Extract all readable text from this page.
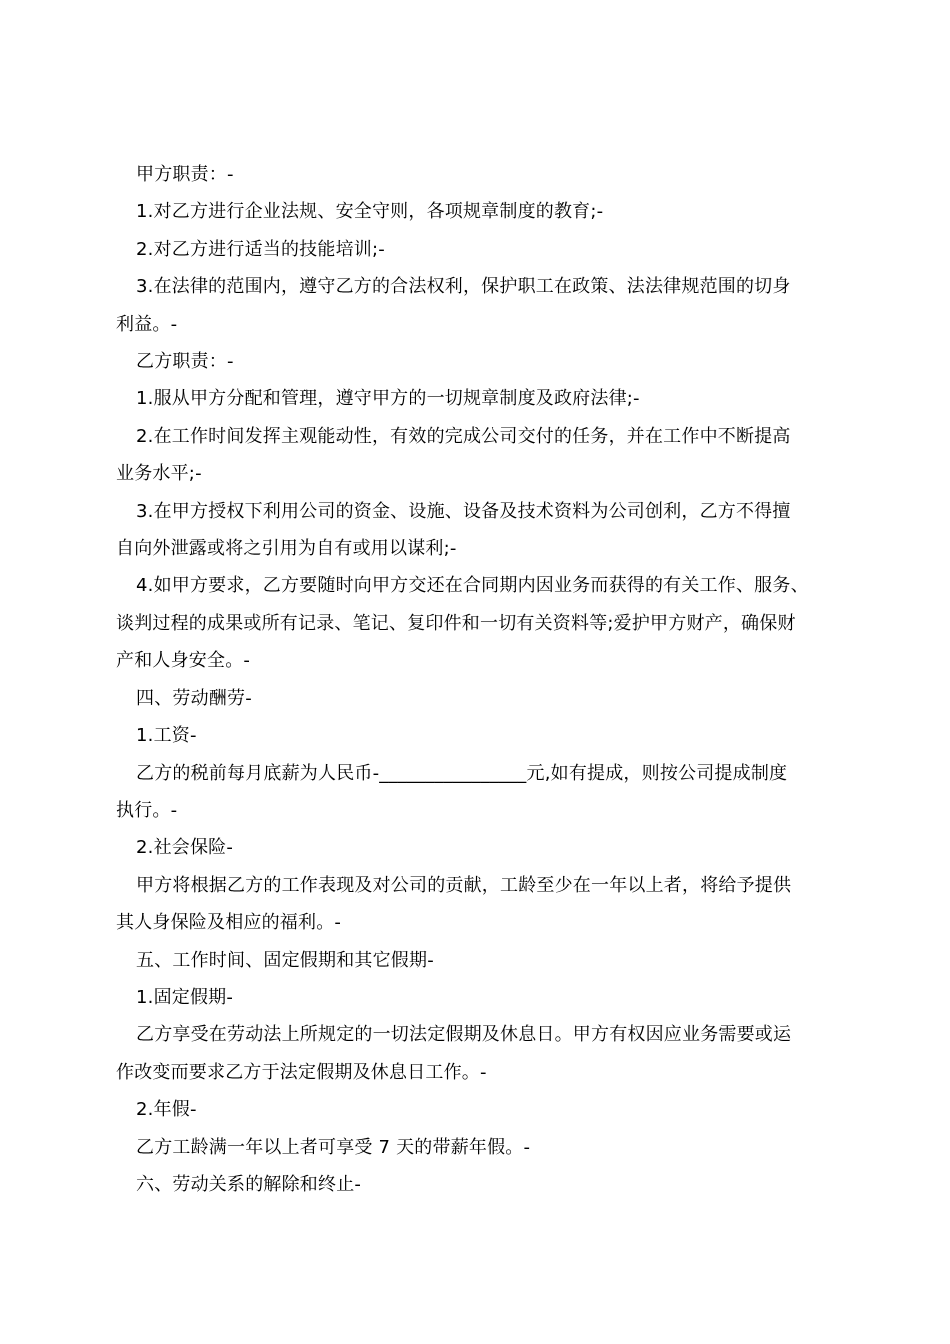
甲方职责：-

1.对乙方进行企业法规、安全守则，各项规章制度的教育;-

2.对乙方进行适当的技能培训;-

3.在法律的范围内，遵守乙方的合法权利，保护职工在政策、法法律规范围的切身

利益。-

乙方职责：-

1.服从甲方分配和管理，遵守甲方的一切规章制度及政府法律;-

2.在工作时间发挥主观能动性，有效的完成公司交付的任务，并在工作中不断提高

业务水平;-

3.在甲方授权下利用公司的资金、设施、设备及技术资料为公司创利，乙方不得擅

自向外泄露或将之引用为自有或用以谋利;-

4.如甲方要求，乙方要随时向甲方交还在合同期内因业务而获得的有关工作、服务、

谈判过程的成果或所有记录、笔记、复印件和一切有关资料等;爱护甲方财产，确保财

产和人身安全。-

四、劳动酬劳-

1.工资-

乙方的税前每月底薪为人民币-________________元,如有提成，则按公司提成制度

执行。-

2.社会保险-

甲方将根据乙方的工作表现及对公司的贡献，工龄至少在一年以上者，将给予提供

其人身保险及相应的福利。-

五、工作时间、固定假期和其它假期-

1.固定假期-

乙方享受在劳动法上所规定的一切法定假期及休息日。甲方有权因应业务需要或运

作改变而要求乙方于法定假期及休息日工作。-

2.年假-

乙方工龄满一年以上者可享受 7 天的带薪年假。-

六、劳动关系的解除和终止-
